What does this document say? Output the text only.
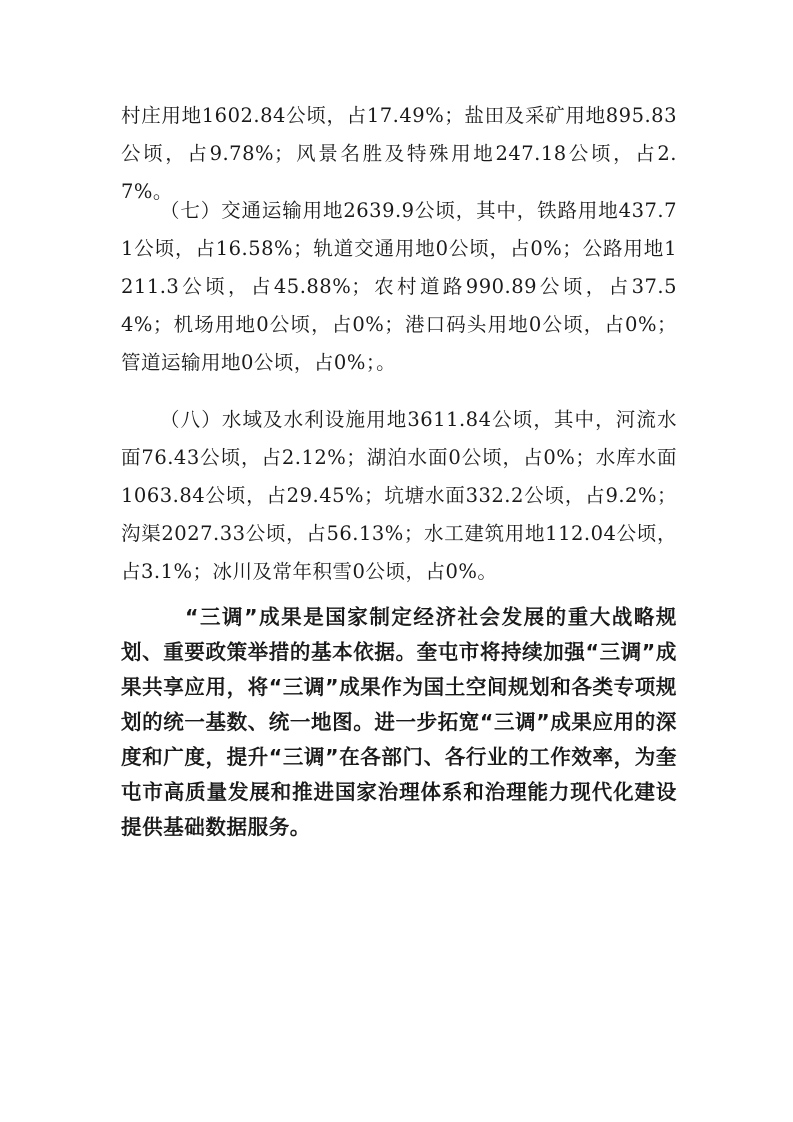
村庄用地1602.84公顷，占17.49%；盐田及采矿用地895.83公顷，占9.78%；风景名胜及特殊用地247.18公顷，占2.7%。

（七）交通运输用地2639.9公顷，其中，铁路用地437.71公顷，占16.58%；轨道交通用地0公顷，占0%；公路用地1211.3公顷，占45.88%；农村道路990.89公顷，占37.54%；机场用地0公顷，占0%；港口码头用地0公顷，占0%；管道运输用地0公顷，占0%；。

（八）水域及水利设施用地3611.84公顷，其中，河流水面76.43公顷，占2.12%；湖泊水面0公顷，占0%；水库水面1063.84公顷，占29.45%；坑塘水面332.2公顷，占9.2%；沟渠2027.33公顷，占56.13%；水工建筑用地112.04公顷，占3.1%；冰川及常年积雪0公顷，占0%。

“三调”成果是国家制定经济社会发展的重大战略规划、重要政策举措的基本依据。奎屯市将持续加强“三调”成果共享应用，将“三调”成果作为国土空间规划和各类专项规划的统一基数、统一地图。进一步拓宽“三调”成果应用的深度和广度，提升“三调”在各部门、各行业的工作效率，为奎屯市高质量发展和推进国家治理体系和治理能力现代化建设提供基础数据服务。
